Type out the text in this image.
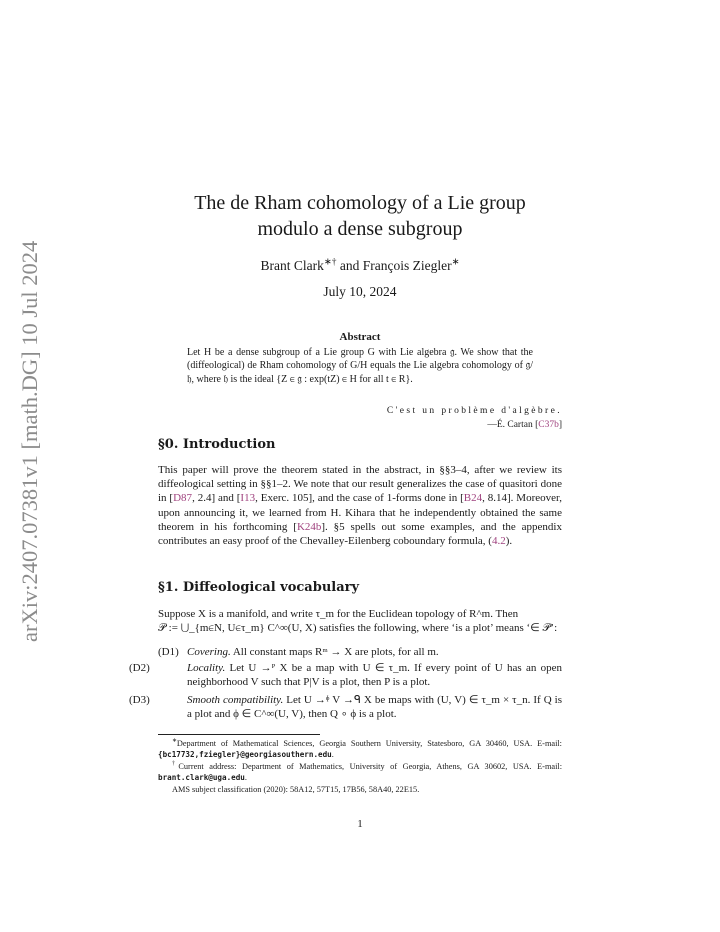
arXiv:2407.07381v1 [math.DG] 10 Jul 2024
The de Rham cohomology of a Lie group
modulo a dense subgroup
Brant Clark∗† and François Ziegler∗
July 10, 2024
Abstract
Let H be a dense subgroup of a Lie group G with Lie algebra 𝔤. We show that the (diffeological) de Rham cohomology of G/H equals the Lie algebra cohomology of 𝔤/𝔥, where 𝔥 is the ideal {Z ∈ 𝔤 : exp(tZ) ∈ H for all t ∈ R}.
C'est un problème d'algèbre.
—É. Cartan [C37b]
§0. Introduction
This paper will prove the theorem stated in the abstract, in §§3–4, after we review its diffeological setting in §§1–2. We note that our result generalizes the case of quasitori done in [D87, 2.4] and [I13, Exerc. 105], and the case of 1-forms done in [B24, 8.14]. Moreover, upon announcing it, we learned from H. Kihara that he independently obtained the same theorem in his forthcoming [K24b]. §5 spells out some examples, and the appendix contributes an easy proof of the Chevalley-Eilenberg coboundary formula, (4.2).
§1. Diffeological vocabulary
Suppose X is a manifold, and write τ_m for the Euclidean topology of R^m. Then
𝒫 := ⋃_{m∈N, U∈τ_m} C^∞(U, X) satisfies the following, where ‘is a plot’ means ‘∈ 𝒫’:
(D1) Covering. All constant maps Rᵐ → X are plots, for all m.
(D2)	Locality. Let U →ᴾ X be a map with U ∈ τ_m. If every point of U has an open neighborhood V such that P|V is a plot, then P is a plot.
(D3)	Smooth compatibility. Let U →ᶲ V →ᑫ X be maps with (U, V) ∈ τ_m × τ_n. If Q is a plot and ϕ ∈ C^∞(U, V), then Q ∘ ϕ is a plot.
∗Department of Mathematical Sciences, Georgia Southern University, Statesboro, GA 30460, USA. E-mail: {bc17732,fziegler}@georgiasouthern.edu.
†Current address: Department of Mathematics, University of Georgia, Athens, GA 30602, USA. E-mail: brant.clark@uga.edu.
AMS subject classification (2020): 58A12, 57T15, 17B56, 58A40, 22E15.
1
